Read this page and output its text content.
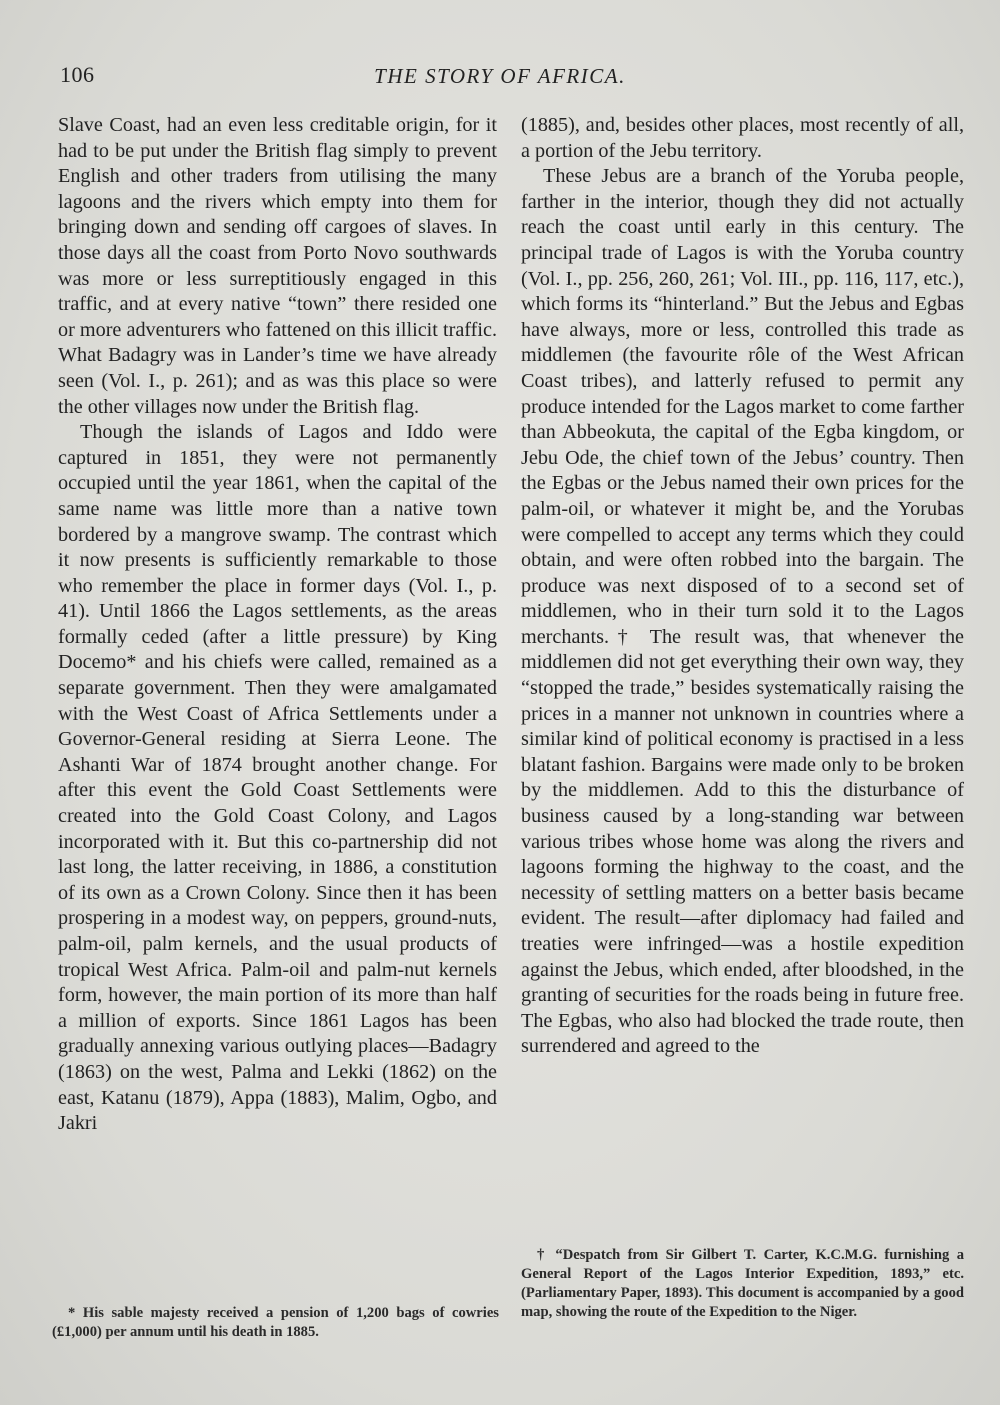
106	THE STORY OF AFRICA.

Slave Coast, had an even less creditable origin, for it had to be put under the British flag simply to prevent English and other traders from utilising the many lagoons and the rivers which empty into them for bringing down and sending off cargoes of slaves. In those days all the coast from Porto Novo southwards was more or less surreptitiously engaged in this traffic, and at every native “town” there resided one or more adventurers who fattened on this illicit traffic. What Badagry was in Lander’s time we have already seen (Vol. I., p. 261); and as was this place so were the other villages now under the British flag.

Though the islands of Lagos and Iddo were captured in 1851, they were not permanently occupied until the year 1861, when the capital of the same name was little more than a native town bordered by a mangrove swamp. The contrast which it now presents is sufficiently remarkable to those who remember the place in former days (Vol. I., p. 41). Until 1866 the Lagos settlements, as the areas formally ceded (after a little pressure) by King Docemo* and his chiefs were called, remained as a separate government. Then they were amalgamated with the West Coast of Africa Settlements under a Governor-General residing at Sierra Leone. The Ashanti War of 1874 brought another change. For after this event the Gold Coast Settlements were created into the Gold Coast Colony, and Lagos incorporated with it. But this co-partnership did not last long, the latter receiving, in 1886, a constitution of its own as a Crown Colony. Since then it has been prospering in a modest way, on peppers, ground-nuts, palm-oil, palm kernels, and the usual products of tropical West Africa. Palm-oil and palm-nut kernels form, however, the main portion of its more than half a million of exports. Since 1861 Lagos has been gradually annexing various outlying places—Badagry (1863) on the west, Palma and Lekki (1862) on the east, Katanu (1879), Appa (1883), Malim, Ogbo, and Jakri

(1885), and, besides other places, most recently of all, a portion of the Jebu territory.

These Jebus are a branch of the Yoruba people, farther in the interior, though they did not actually reach the coast until early in this century. The principal trade of Lagos is with the Yoruba country (Vol. I., pp. 256, 260, 261; Vol. III., pp. 116, 117, etc.), which forms its “hinterland.” But the Jebus and Egbas have always, more or less, controlled this trade as middlemen (the favourite rôle of the West African Coast tribes), and latterly refused to permit any produce intended for the Lagos market to come farther than Abbeokuta, the capital of the Egba kingdom, or Jebu Ode, the chief town of the Jebus’ country. Then the Egbas or the Jebus named their own prices for the palm-oil, or whatever it might be, and the Yorubas were compelled to accept any terms which they could obtain, and were often robbed into the bargain. The produce was next disposed of to a second set of middlemen, who in their turn sold it to the Lagos merchants.† The result was, that whenever the middlemen did not get everything their own way, they “stopped the trade,” besides systematically raising the prices in a manner not unknown in countries where a similar kind of political economy is practised in a less blatant fashion. Bargains were made only to be broken by the middlemen. Add to this the disturbance of business caused by a long-standing war between various tribes whose home was along the rivers and lagoons forming the highway to the coast, and the necessity of settling matters on a better basis became evident. The result—after diplomacy had failed and treaties were infringed—was a hostile expedition against the Jebus, which ended, after bloodshed, in the granting of securities for the roads being in future free. The Egbas, who also had blocked the trade route, then surrendered and agreed to the

* His sable majesty received a pension of 1,200 bags of cowries (£1,000) per annum until his death in 1885.
† “Despatch from Sir Gilbert T. Carter, K.C.M.G. furnishing a General Report of the Lagos Interior Expedition, 1893,” etc. (Parliamentary Paper, 1893). This document is accompanied by a good map, showing the route of the Expedition to the Niger.
